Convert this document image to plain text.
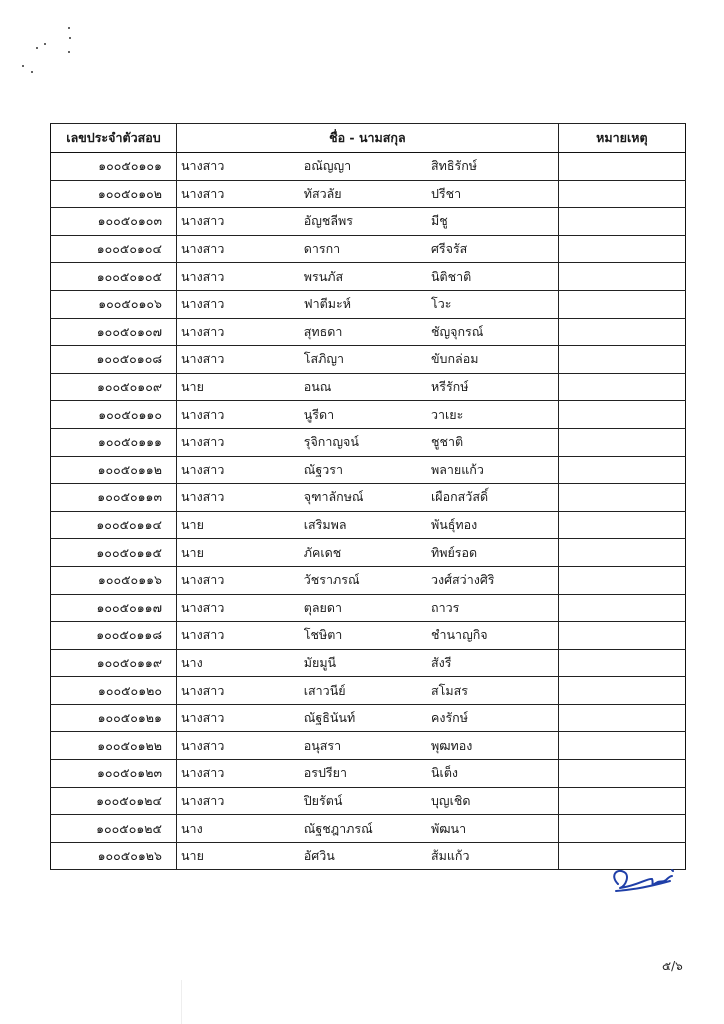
เลขประจำตัวสอบ	ชื่อ - นามสกุล			หมายเหตุ
๑๐๐๕๐๑๐๑	นางสาว	อณัญญา	สิทธิรักษ์	
๑๐๐๕๐๑๐๒	นางสาว	ทัสวลัย	ปรีชา	
๑๐๐๕๐๑๐๓	นางสาว	อัญชลีพร	มีชู	
๑๐๐๕๐๑๐๔	นางสาว	ดารกา	ศรีจรัส	
๑๐๐๕๐๑๐๕	นางสาว	พรนภัส	นิติชาติ	
๑๐๐๕๐๑๐๖	นางสาว	ฟาตีมะห์	โวะ	
๑๐๐๕๐๑๐๗	นางสาว	สุทธดา	ชัญจุกรณ์	
๑๐๐๕๐๑๐๘	นางสาว	โสภิญา	ขับกล่อม	
๑๐๐๕๐๑๐๙	นาย	อนณ	หรีรักษ์	
๑๐๐๕๐๑๑๐	นางสาว	นูรีดา	วาเยะ	
๑๐๐๕๐๑๑๑	นางสาว	รุจิกาญจน์	ชูชาติ	
๑๐๐๕๐๑๑๒	นางสาว	ณัฐวรา	พลายแก้ว	
๑๐๐๕๐๑๑๓	นางสาว	จุฑาลักษณ์	เผือกสวัสดิ์	
๑๐๐๕๐๑๑๔	นาย	เสริมพล	พันธุ์ทอง	
๑๐๐๕๐๑๑๕	นาย	ภัคเดช	ทิพย์รอด	
๑๐๐๕๐๑๑๖	นางสาว	วัชราภรณ์	วงศ์สว่างศิริ	
๑๐๐๕๐๑๑๗	นางสาว	ตุลยดา	ถาวร	
๑๐๐๕๐๑๑๘	นางสาว	โชษิตา	ชำนาญกิจ	
๑๐๐๕๐๑๑๙	นาง	มัยมูนี	สังรี	
๑๐๐๕๐๑๒๐	นางสาว	เสาวนีย์	สโมสร	
๑๐๐๕๐๑๒๑	นางสาว	ณัฐธินันท์	คงรักษ์	
๑๐๐๕๐๑๒๒	นางสาว	อนุสรา	พุฒทอง	
๑๐๐๕๐๑๒๓	นางสาว	อรปรียา	นิเต็ง	
๑๐๐๕๐๑๒๔	นางสาว	ปิยรัตน์	บุญเชิด	
๑๐๐๕๐๑๒๕	นาง	ณัฐชฎาภรณ์	พัฒนา	
๑๐๐๕๐๑๒๖	นาย	อัศวิน	ส้มแก้ว	
๕/๖
